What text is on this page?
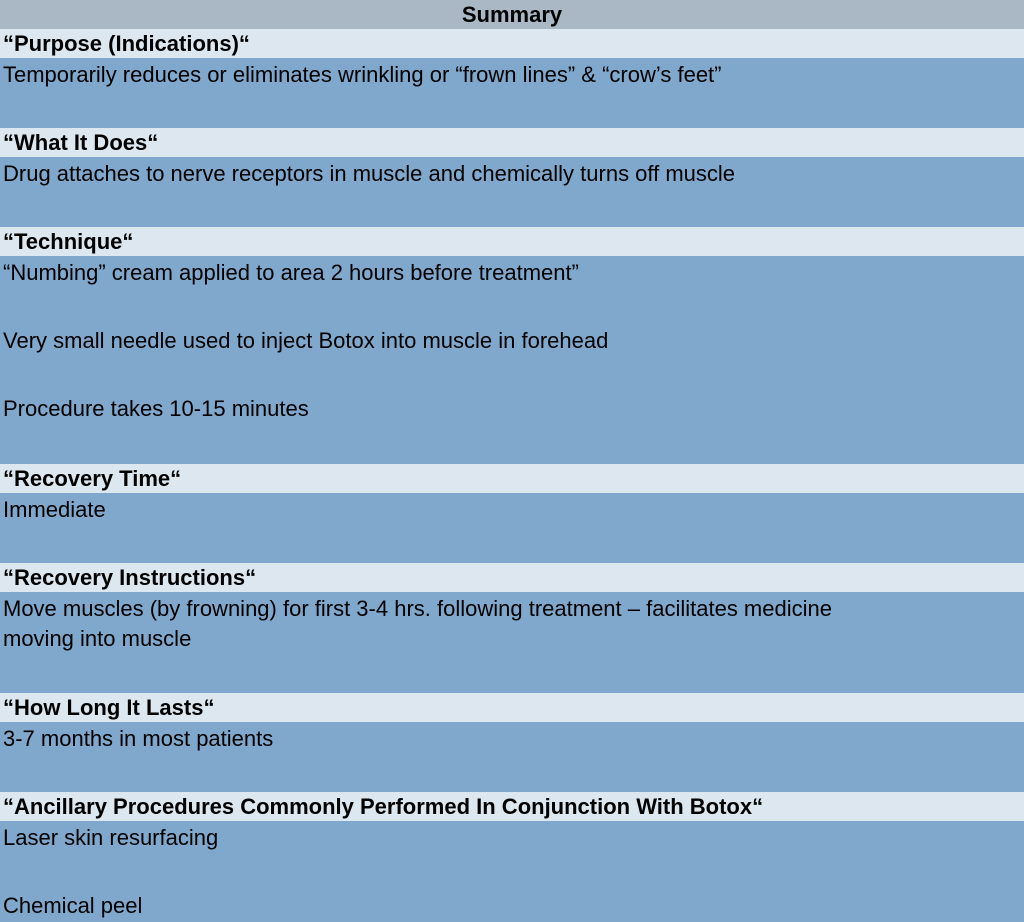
Summary
“Purpose (Indications)“
Temporarily reduces or eliminates wrinkling or “frown lines” & “crow’s feet”
“What It Does“
Drug attaches to nerve receptors in muscle and chemically turns off muscle
“Technique“
“Numbing” cream applied to area 2 hours before treatment”
Very small needle used to inject Botox into muscle in forehead
Procedure takes 10-15 minutes
“Recovery Time“
Immediate
“Recovery Instructions“
Move muscles (by frowning) for first 3-4 hrs. following treatment – facilitates medicine
moving into muscle
“How Long It Lasts“
3-7 months in most patients
“Ancillary Procedures Commonly Performed In Conjunction With Botox“
Laser skin resurfacing
Chemical peel
